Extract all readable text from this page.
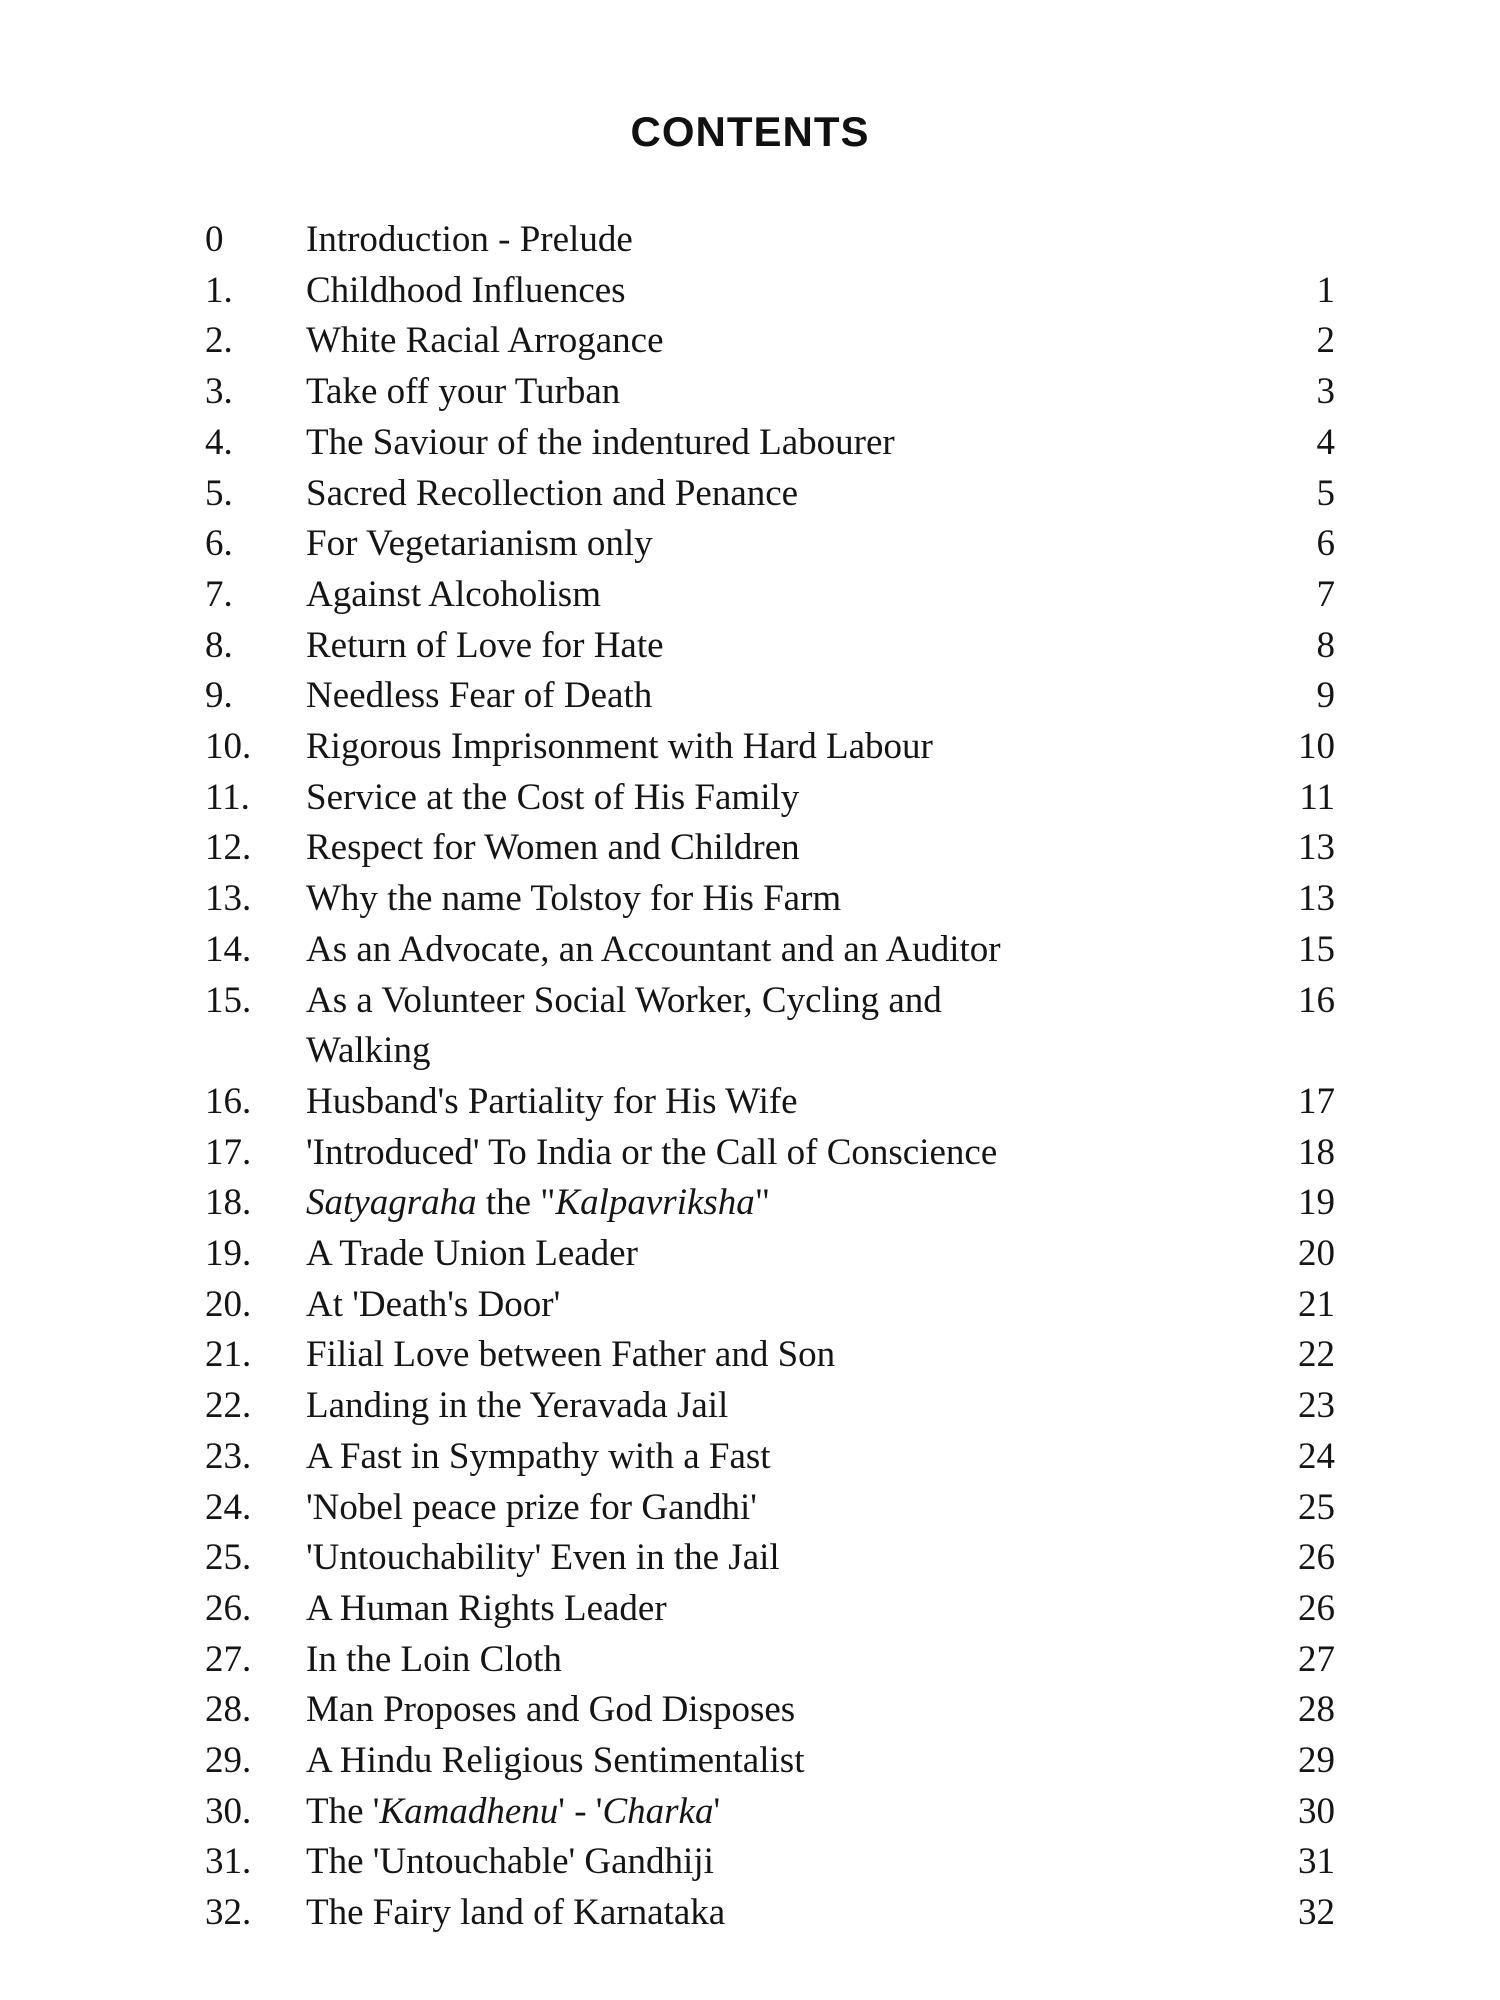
CONTENTS
0	Introduction - Prelude
1.	Childhood Influences	1
2.	White Racial Arrogance	2
3.	Take off your Turban	3
4.	The Saviour of the indentured Labourer	4
5.	Sacred Recollection and Penance	5
6.	For Vegetarianism only	6
7.	Against Alcoholism	7
8.	Return of Love for Hate	8
9.	Needless Fear of Death	9
10.	Rigorous Imprisonment with Hard Labour	10
11.	Service at the Cost of His Family	11
12.	Respect for Women and Children	13
13.	Why the name Tolstoy for His Farm	13
14.	As an Advocate, an Accountant and an Auditor	15
15.	As a Volunteer Social Worker, Cycling and	16
Walking
16.	Husband's Partiality for His Wife	17
17.	'Introduced' To India or the Call of Conscience	18
18.	Satyagraha the "Kalpavriksha"	19
19.	A Trade Union Leader	20
20.	At 'Death's Door'	21
21.	Filial Love between Father and Son	22
22.	Landing in the Yeravada Jail	23
23.	A Fast in Sympathy with a Fast	24
24.	'Nobel peace prize for Gandhi'	25
25.	'Untouchability' Even in the Jail	26
26.	A Human Rights Leader	26
27.	In the Loin Cloth	27
28.	Man Proposes and God Disposes	28
29.	A Hindu Religious Sentimentalist	29
30.	The 'Kamadhenu' - 'Charka'	30
31.	The 'Untouchable' Gandhiji	31
32.	The Fairy land of Karnataka	32
